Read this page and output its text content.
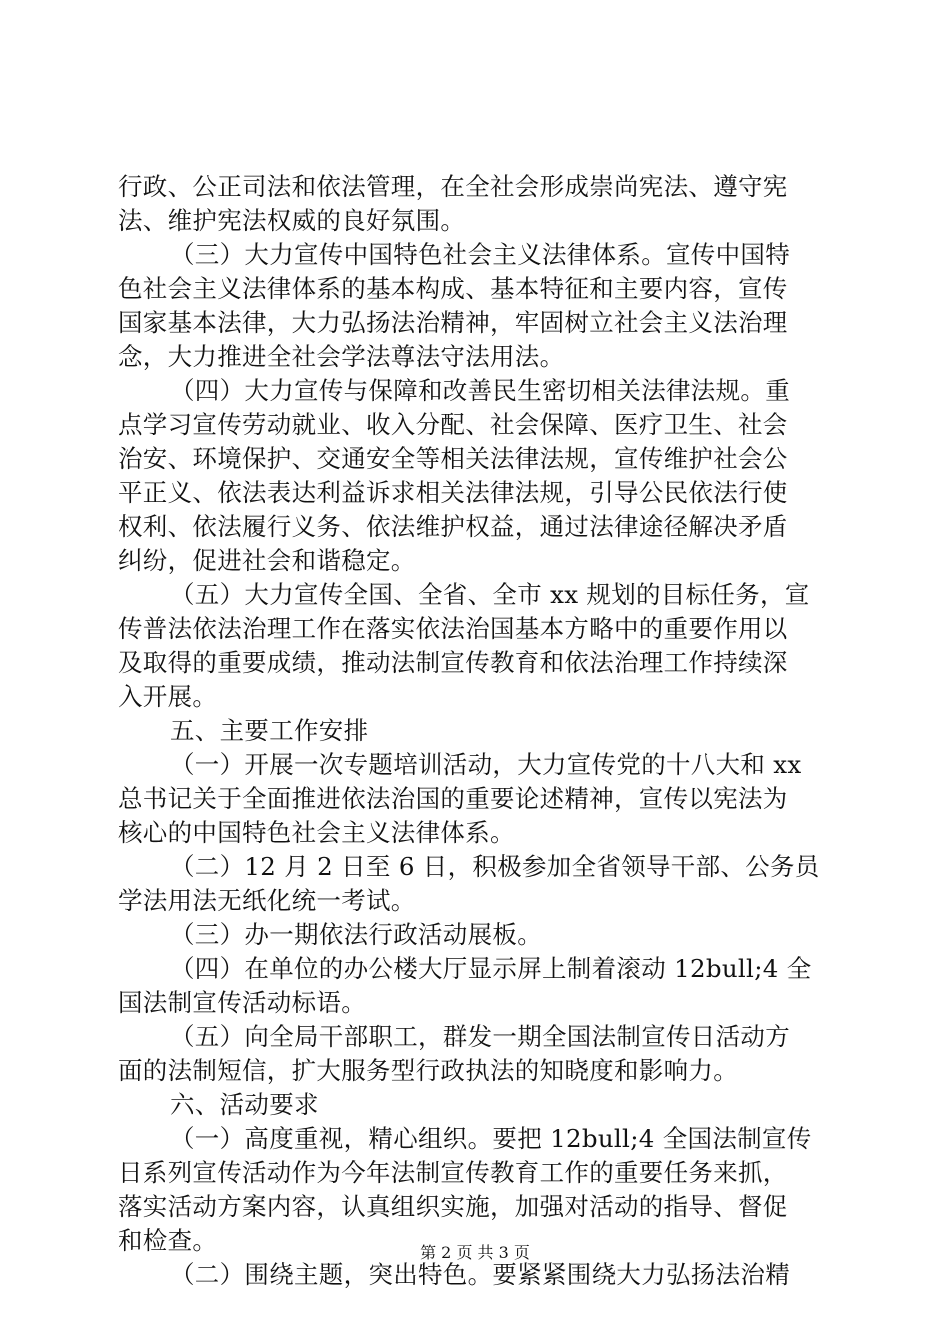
行政、公正司法和依法管理，在全社会形成崇尚宪法、遵守宪
法、维护宪法权威的良好氛围。
（三）大力宣传中国特色社会主义法律体系。宣传中国特
色社会主义法律体系的基本构成、基本特征和主要内容，宣传
国家基本法律，大力弘扬法治精神，牢固树立社会主义法治理
念，大力推进全社会学法尊法守法用法。
（四）大力宣传与保障和改善民生密切相关法律法规。重
点学习宣传劳动就业、收入分配、社会保障、医疗卫生、社会
治安、环境保护、交通安全等相关法律法规，宣传维护社会公
平正义、依法表达利益诉求相关法律法规，引导公民依法行使
权利、依法履行义务、依法维护权益，通过法律途径解决矛盾
纠纷，促进社会和谐稳定。
（五）大力宣传全国、全省、全市 xx 规划的目标任务，宣
传普法依法治理工作在落实依法治国基本方略中的重要作用以
及取得的重要成绩，推动法制宣传教育和依法治理工作持续深
入开展。
五、主要工作安排
（一）开展一次专题培训活动，大力宣传党的十八大和 xx
总书记关于全面推进依法治国的重要论述精神，宣传以宪法为
核心的中国特色社会主义法律体系。
（二）12 月 2 日至 6 日，积极参加全省领导干部、公务员
学法用法无纸化统一考试。
（三）办一期依法行政活动展板。
（四）在单位的办公楼大厅显示屏上制着滚动 12bull;4 全
国法制宣传活动标语。
（五）向全局干部职工，群发一期全国法制宣传日活动方
面的法制短信，扩大服务型行政执法的知晓度和影响力。
六、活动要求
（一）高度重视，精心组织。要把 12bull;4 全国法制宣传
日系列宣传活动作为今年法制宣传教育工作的重要任务来抓，
落实活动方案内容，认真组织实施，加强对活动的指导、督促
和检查。
（二）围绕主题，突出特色。要紧紧围绕大力弘扬法治精
第 2 页 共 3 页
